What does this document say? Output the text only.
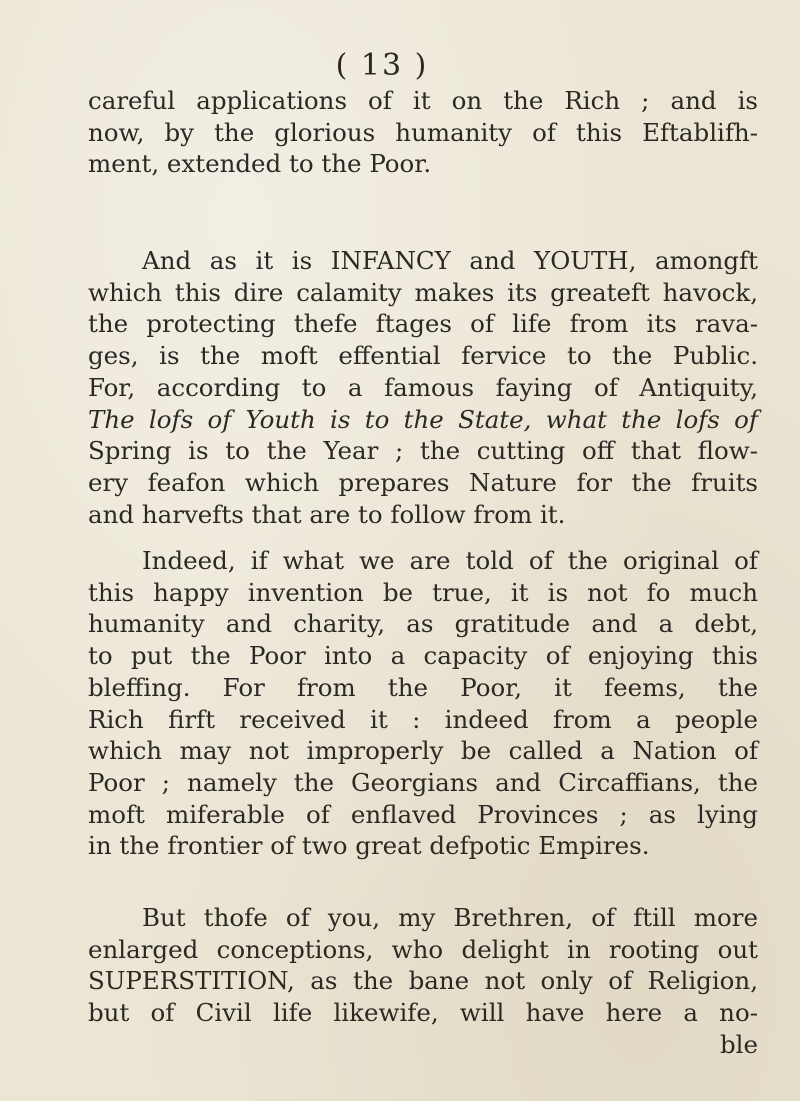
( 13 )
careful applications of it on the Rich ; and is
now, by the glorious humanity of this Eftablifh-
ment, extended to the Poor.
And as it is INFANCY and YOUTH, amongft
which this dire calamity makes its greateft havock,
the protecting thefe ftages of life from its rava-
ges, is the moft effential fervice to the Public.
For, according to a famous faying of Antiquity,
The lofs of Youth is to the State, what the lofs of
Spring is to the Year ; the cutting off that flow-
ery feafon which prepares Nature for the fruits
and harvefts that are to follow from it.
Indeed, if what we are told of the original of
this happy invention be true, it is not fo much
humanity and charity, as gratitude and a debt,
to put the Poor into a capacity of enjoying this
bleffing. For from the Poor, it feems, the
Rich firft received it : indeed from a people
which may not improperly be called a Nation of
Poor ; namely the Georgians and Circaffians, the
moft miferable of enflaved Provinces ; as lying
in the frontier of two great defpotic Empires.
But thofe of you, my Brethren, of ftill more
enlarged conceptions, who delight in rooting out
SUPERSTITION, as the bane not only of Religion,
but of Civil life likewife, will have here a no-
ble
